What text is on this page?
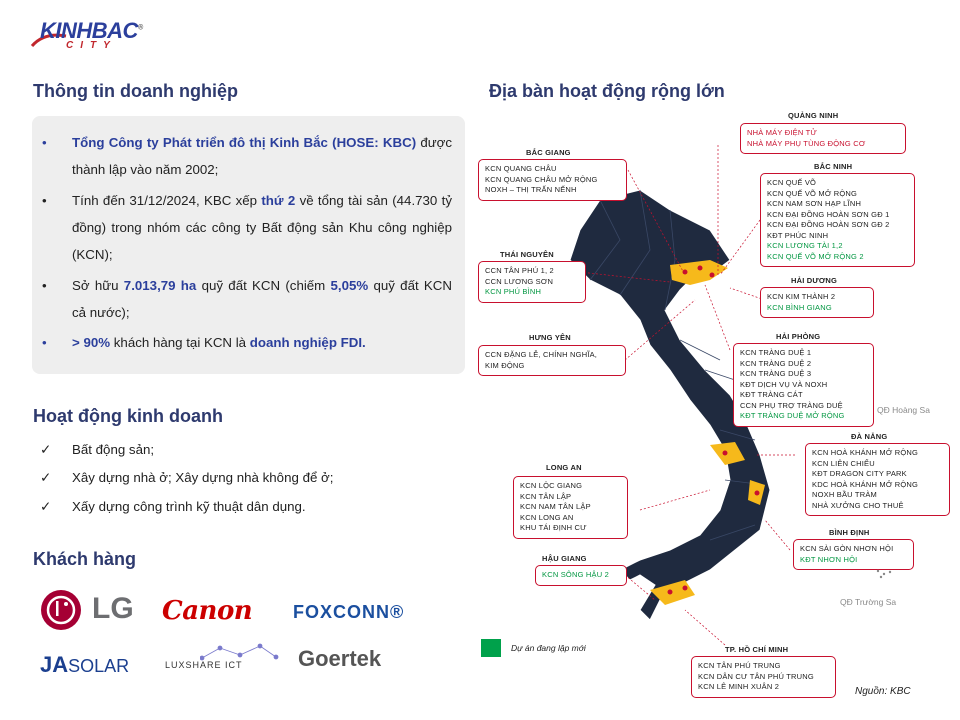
KINHBAC®
CITY
Thông tin doanh nghiệp
• Tổng Công ty Phát triển đô thị Kinh Bắc (HOSE: KBC) được thành lập vào năm 2002;
• Tính đến 31/12/2024, KBC xếp thứ 2 về tổng tài sản (44.730 tỷ đồng) trong nhóm các công ty Bất động sản Khu công nghiệp (KCN);
• Sở hữu 7.013,79 ha quỹ đất KCN (chiếm 5,05% quỹ đất KCN cả nước);
• > 90% khách hàng tại KCN là doanh nghiệp FDI.
Hoạt động kinh doanh
✓ Bất động sản;
✓ Xây dựng nhà ở; Xây dựng nhà không để ở;
✓ Xấy dựng công trình kỹ thuật dân dụng.
Khách hàng
LG Canon FOXCONN®
JASOLAR	LUXSHARE ICT	Goertek
Địa bàn hoạt động rộng lớn
QUẢNG NINH
NHÀ MÁY ĐIỆN TỬ
NHÀ MÁY PHỤ TÙNG ĐỘNG CƠ
BẮC GIANG
KCN QUANG CHÂU
KCN QUANG CHÂU MỞ RỘNG
NOXH – THỊ TRẤN NẾNH
BẮC NINH
KCN QUẾ VÕ
KCN QUẾ VÕ MỞ RỘNG
KCN NAM SƠN HẠP LĨNH
KCN ĐẠI ĐỒNG HOÀN SƠN GĐ 1
KCN ĐẠI ĐỒNG HOÀN SƠN GĐ 2
KĐT PHÚC NINH
KCN LƯƠNG TÀI 1,2
KCN QUẾ VÕ MỞ RỘNG 2
THÁI NGUYÊN
CCN TÂN PHÚ 1, 2
CCN LƯƠNG SƠN
KCN PHÚ BÌNH
HẢI DƯƠNG
KCN KIM THÀNH 2
KCN BÌNH GIANG
HƯNG YÊN
CCN ĐẶNG LỄ, CHÍNH NGHĨA,
KIM ĐỘNG
HẢI PHÒNG
KCN TRÀNG DUỆ 1
KCN TRÀNG DUỆ 2
KCN TRÀNG DUỆ 3
KĐT DỊCH VỤ VÀ NOXH
KĐT TRÀNG CÁT
CCN PHỤ TRỢ TRÀNG DUỆ
KĐT TRÀNG DUỆ MỞ RỘNG
QĐ Hoàng Sa
ĐÀ NẴNG
KCN HOÀ KHÁNH MỞ RỘNG
KCN LIÊN CHIỂU
KĐT DRAGON CITY PARK
KDC HOÀ KHÁNH MỞ RỘNG
NOXH BẦU TRÀM
NHÀ XƯỞNG CHO THUÊ
LONG AN
KCN LỘC GIANG
KCN TÂN LẬP
KCN NAM TÂN LẬP
KCN LONG AN
KHU TÁI ĐỊNH CƯ
BÌNH ĐỊNH
KCN SÀI GÒN NHƠN HỘI
KĐT NHƠN HỘI
HẬU GIANG
KCN SÔNG HẬU 2
QĐ Trường Sa
Dự án đang lập mới	TP. HỒ CHÍ MINH
KCN TÂN PHÚ TRUNG
KCN DÂN CƯ TÂN PHÚ TRUNG
KCN LÊ MINH XUÂN 2	Nguồn: KBC
